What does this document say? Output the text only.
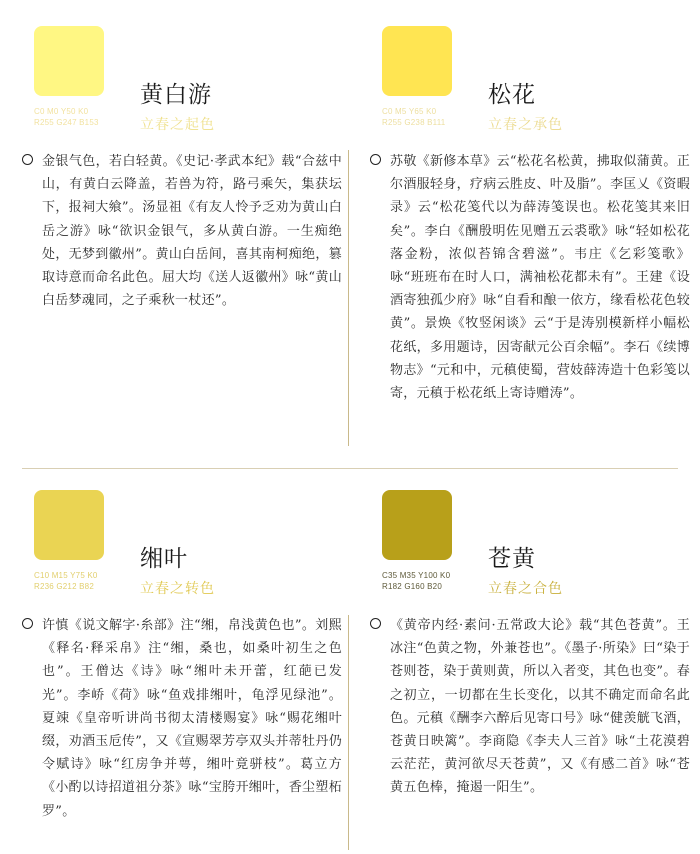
C0 M0 Y50 K0
R255 G247 B153
黄白游
立春之起色
金银气色，若白轻黄。《史记·孝武本纪》载“合兹中山，有黄白云降盖，若兽为符，路弓乘矢，集获坛下，报祠大飨”。汤显祖《有友人怜予乏劝为黄山白岳之游》咏“欲识金银气，多从黄白游。一生痴绝处，无梦到徽州”。黄山白岳间，喜其南柯痴绝，篡取诗意而命名此色。屈大均《送人返徽州》咏“黄山白岳梦魂同，之子乘秋一杖还”。
C0 M5 Y65 K0
R255 G238 B111
松花
立春之承色
苏敬《新修本草》云“松花名松黄，拂取似蒲黄。正尔酒服轻身，疗病云胜皮、叶及脂”。李匡乂《资暇录》云“松花笺代以为薛涛笺误也。松花笺其来旧矣”。李白《酬殷明佐见赠五云裘歌》咏“轻如松花落金粉，浓似苔锦含碧滋”。韦庄《乞彩笺歌》咏“班班布在时人口，满袖松花都未有”。王建《设酒寄独孤少府》咏“自看和酿一依方，缘看松花色较黄”。景焕《牧竖闲谈》云“于是涛别模新样小幅松花纸，多用题诗，因寄献元公百余幅”。李石《续博物志》“元和中，元稹使蜀，营妓薛涛造十色彩笺以寄，元稹于松花纸上寄诗赠涛”。
C10 M15 Y75 K0
R236 G212 B82
缃叶
立春之转色
许慎《说文解字·糸部》注“缃，帛浅黄色也”。刘熙《释名·释采帛》注“缃，桑也，如桑叶初生之色也”。王僧达《诗》咏“缃叶未开蕾，红葩已发光”。李峤《荷》咏“鱼戏排缃叶，龟浮见绿池”。夏竦《皇帝听讲尚书彻太清楼赐宴》咏“赐花缃叶缀，劝酒玉卮传”，又《宣赐翠芳亭双头并蒂牡丹仍令赋诗》咏“红房争并萼，缃叶竟骈枝”。葛立方《小酌以诗招道祖分茶》咏“宝胯开缃叶，香尘塑柘罗”。
C35 M35 Y100 K0
R182 G160 B20
苍黄
立春之合色
《黄帝内经·素问·五常政大论》载“其色苍黄”。王冰注“色黄之物，外兼苍也”。《墨子·所染》曰“染于苍则苍，染于黄则黄，所以入者变，其色也变”。春之初立，一切都在生长变化，以其不确定而命名此色。元稹《酬李六醉后见寄口号》咏“健羡觥飞酒，苍黄日映篱”。李商隐《李夫人三首》咏“土花漠碧云茫茫，黄河欲尽天苍黄”，又《有感二首》咏“苍黄五色棒，掩遏一阳生”。
